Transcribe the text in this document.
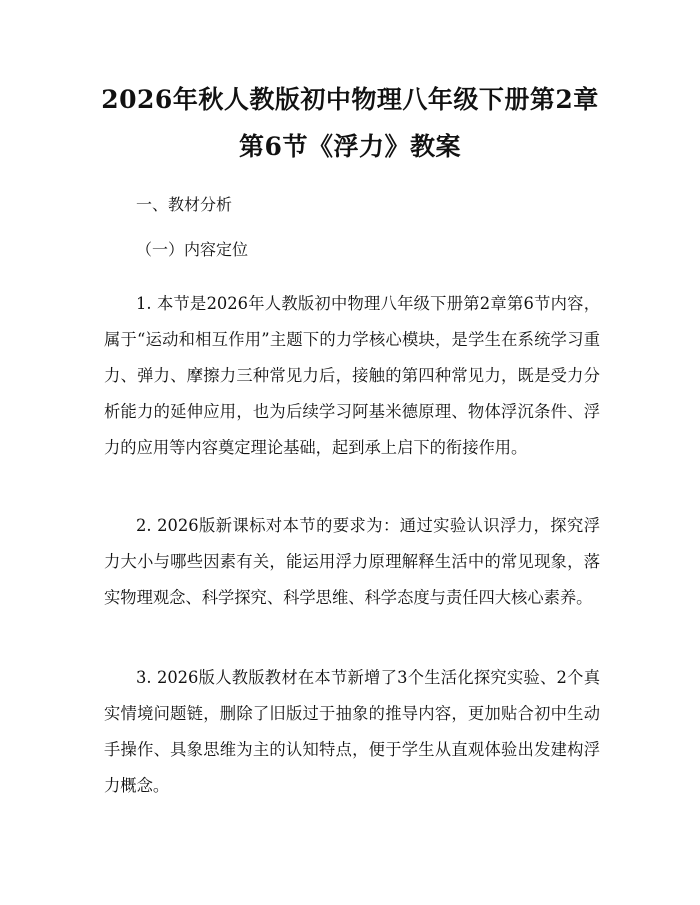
2026年秋人教版初中物理八年级下册第2章
第6节《浮力》教案
一、教材分析
（一）内容定位

1. 本节是2026年人教版初中物理八年级下册第2章第6节内容，属于“运动和相互作用”主题下的力学核心模块，是学生在系统学习重力、弹力、摩擦力三种常见力后，接触的第四种常见力，既是受力分析能力的延伸应用，也为后续学习阿基米德原理、物体浮沉条件、浮力的应用等内容奠定理论基础，起到承上启下的衔接作用。

2. 2026版新课标对本节的要求为：通过实验认识浮力，探究浮力大小与哪些因素有关，能运用浮力原理解释生活中的常见现象，落实物理观念、科学探究、科学思维、科学态度与责任四大核心素养。

3. 2026版人教版教材在本节新增了3个生活化探究实验、2个真实情境问题链，删除了旧版过于抽象的推导内容，更加贴合初中生动手操作、具象思维为主的认知特点，便于学生从直观体验出发建构浮力概念。
